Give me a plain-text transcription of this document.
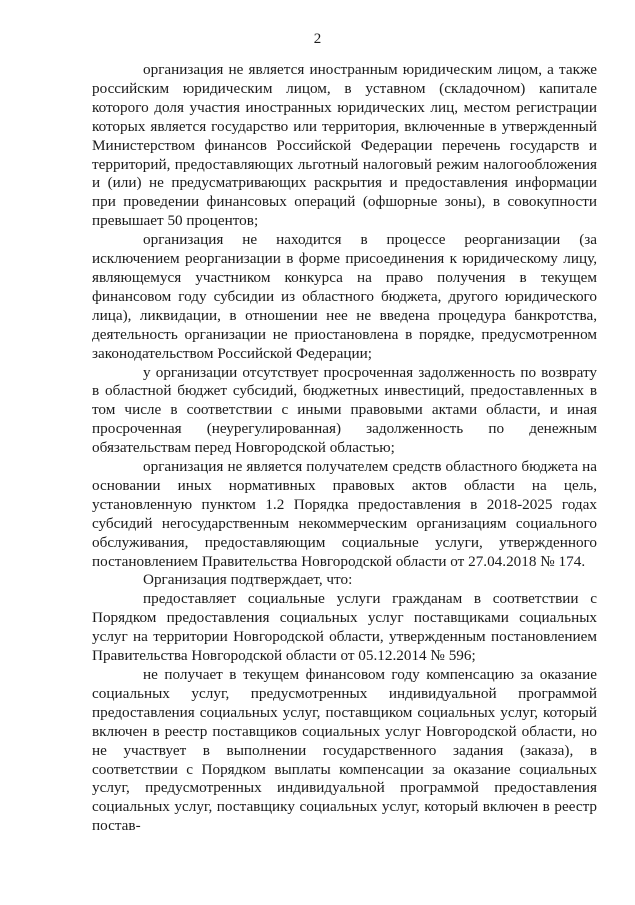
2

организация не является иностранным юридическим лицом, а также российским юридическим лицом, в уставном (складочном) капитале которого доля участия иностранных юридических лиц, местом регистрации которых является государство или территория, включенные в утвержденный Министерством финансов Российской Федерации перечень государств и территорий, предоставляющих льготный налоговый режим налогообложения и (или) не предусматривающих раскрытия и предоставления информации при проведении финансовых операций (офшорные зоны), в совокупности превышает 50 процентов;

организация не находится в процессе реорганизации (за исключением реорганизации в форме присоединения к юридическому лицу, являющемуся участником конкурса на право получения в текущем финансовом году субсидии из областного бюджета, другого юридического лица), ликвидации, в отношении нее не введена процедура банкротства, деятельность организации не приостановлена в порядке, предусмотренном законодательством Российской Федерации;

у организации отсутствует просроченная задолженность по возврату в областной бюджет субсидий, бюджетных инвестиций, предоставленных в том числе в соответствии с иными правовыми актами области, и иная просроченная (неурегулированная) задолженность по денежным обязательствам перед Новгородской областью;

организация не является получателем средств областного бюджета на основании иных нормативных правовых актов области на цель, установленную пунктом 1.2 Порядка предоставления в 2018-2025 годах субсидий негосударственным некоммерческим организациям социального обслуживания, предоставляющим социальные услуги, утвержденного постановлением Правительства Новгородской области от 27.04.2018 № 174.

Организация подтверждает, что:

предоставляет социальные услуги гражданам в соответствии с Порядком предоставления социальных услуг поставщиками социальных услуг на территории Новгородской области, утвержденным постановлением Правительства Новгородской области от 05.12.2014 № 596;

не получает в текущем финансовом году компенсацию за оказание социальных услуг, предусмотренных индивидуальной программой предоставления социальных услуг, поставщиком социальных услуг, который включен в реестр поставщиков социальных услуг Новгородской области, но не участвует в выполнении государственного задания (заказа), в соответствии с Порядком выплаты компенсации за оказание социальных услуг, предусмотренных индивидуальной программой предоставления социальных услуг, поставщику социальных услуг, который включен в реестр постав-
